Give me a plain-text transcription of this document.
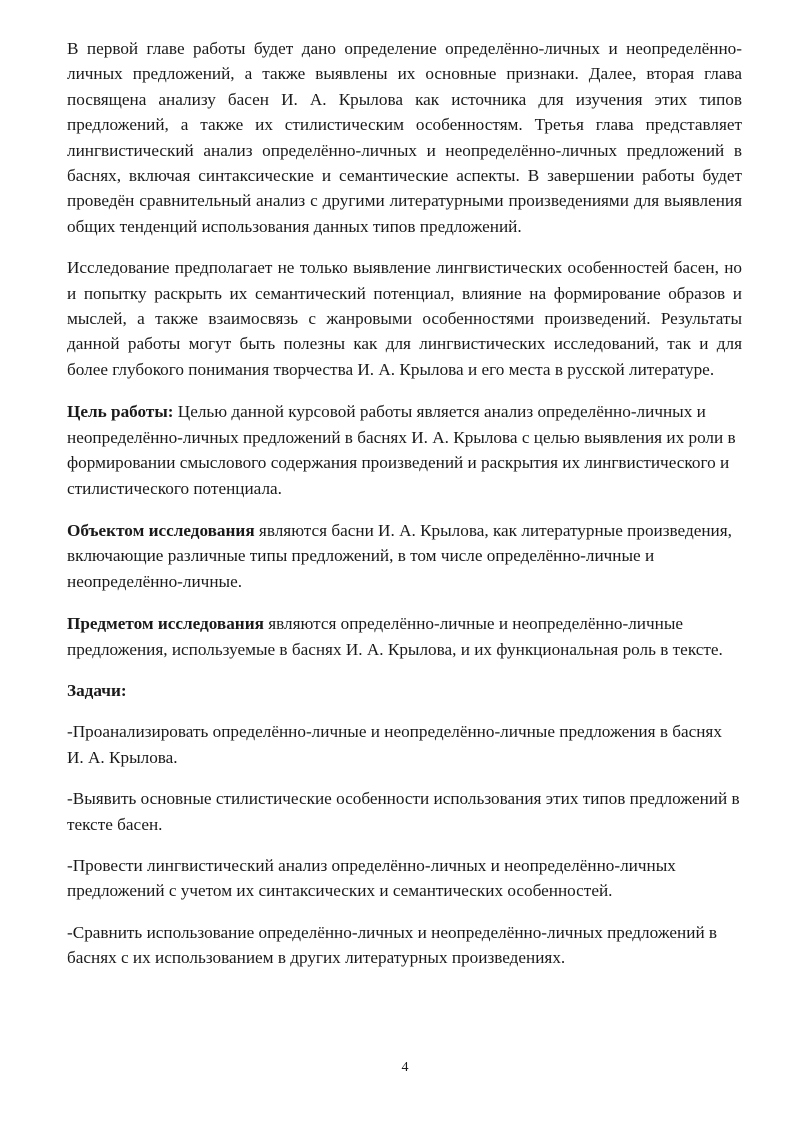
В первой главе работы будет дано определение определённо-личных и неопределённо-личных предложений, а также выявлены их основные признаки. Далее, вторая глава посвящена анализу басен И. А. Крылова как источника для изучения этих типов предложений, а также их стилистическим особенностям. Третья глава представляет лингвистический анализ определённо-личных и неопределённо-личных предложений в баснях, включая синтаксические и семантические аспекты. В завершении работы будет проведён сравнительный анализ с другими литературными произведениями для выявления общих тенденций использования данных типов предложений.

Исследование предполагает не только выявление лингвистических особенностей басен, но и попытку раскрыть их семантический потенциал, влияние на формирование образов и мыслей, а также взаимосвязь с жанровыми особенностями произведений. Результаты данной работы могут быть полезны как для лингвистических исследований, так и для более глубокого понимания творчества И. А. Крылова и его места в русской литературе.

Цель работы: Целью данной курсовой работы является анализ определённо-личных и неопределённо-личных предложений в баснях И. А. Крылова с целью выявления их роли в формировании смыслового содержания произведений и раскрытия их лингвистического и стилистического потенциала.

Объектом исследования являются басни И. А. Крылова, как литературные произведения, включающие различные типы предложений, в том числе определённо-личные и неопределённо-личные.

Предметом исследования являются определённо-личные и неопределённо-личные предложения, используемые в баснях И. А. Крылова, и их функциональная роль в тексте.

Задачи:

-Проанализировать определённо-личные и неопределённо-личные предложения в баснях И. А. Крылова.

-Выявить основные стилистические особенности использования этих типов предложений в тексте басен.

-Провести лингвистический анализ определённо-личных и неопределённо-личных предложений с учетом их синтаксических и семантических особенностей.

-Сравнить использование определённо-личных и неопределённо-личных предложений в баснях с их использованием в других литературных произведениях.

4
